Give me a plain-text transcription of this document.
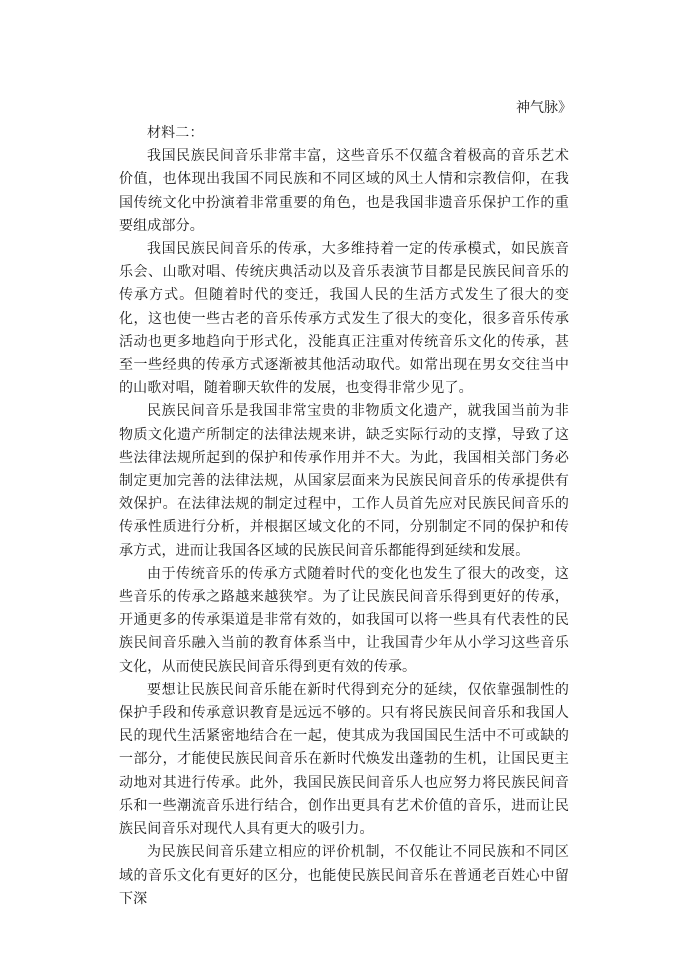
神气脉》

材料二：

我国民族民间音乐非常丰富，这些音乐不仅蕴含着极高的音乐艺术价值，也体现出我国不同民族和不同区域的风土人情和宗教信仰，在我国传统文化中扮演着非常重要的角色，也是我国非遗音乐保护工作的重要组成部分。

我国民族民间音乐的传承，大多维持着一定的传承模式，如民族音乐会、山歌对唱、传统庆典活动以及音乐表演节目都是民族民间音乐的传承方式。但随着时代的变迁，我国人民的生活方式发生了很大的变化，这也使一些古老的音乐传承方式发生了很大的变化，很多音乐传承活动也更多地趋向于形式化，没能真正注重对传统音乐文化的传承，甚至一些经典的传承方式逐渐被其他活动取代。如常出现在男女交往当中的山歌对唱，随着聊天软件的发展，也变得非常少见了。

民族民间音乐是我国非常宝贵的非物质文化遗产，就我国当前为非物质文化遗产所制定的法律法规来讲，缺乏实际行动的支撑，导致了这些法律法规所起到的保护和传承作用并不大。为此，我国相关部门务必制定更加完善的法律法规，从国家层面来为民族民间音乐的传承提供有效保护。在法律法规的制定过程中，工作人员首先应对民族民间音乐的传承性质进行分析，并根据区域文化的不同，分别制定不同的保护和传承方式，进而让我国各区域的民族民间音乐都能得到延续和发展。

由于传统音乐的传承方式随着时代的变化也发生了很大的改变，这些音乐的传承之路越来越狭窄。为了让民族民间音乐得到更好的传承，开通更多的传承渠道是非常有效的，如我国可以将一些具有代表性的民族民间音乐融入当前的教育体系当中，让我国青少年从小学习这些音乐文化，从而使民族民间音乐得到更有效的传承。

要想让民族民间音乐能在新时代得到充分的延续，仅依靠强制性的保护手段和传承意识教育是远远不够的。只有将民族民间音乐和我国人民的现代生活紧密地结合在一起，使其成为我国国民生活中不可或缺的一部分，才能使民族民间音乐在新时代焕发出蓬勃的生机，让国民更主动地对其进行传承。此外，我国民族民间音乐人也应努力将民族民间音乐和一些潮流音乐进行结合，创作出更具有艺术价值的音乐，进而让民族民间音乐对现代人具有更大的吸引力。

为民族民间音乐建立相应的评价机制，不仅能让不同民族和不同区域的音乐文化有更好的区分，也能使民族民间音乐在普通老百姓心中留下深
